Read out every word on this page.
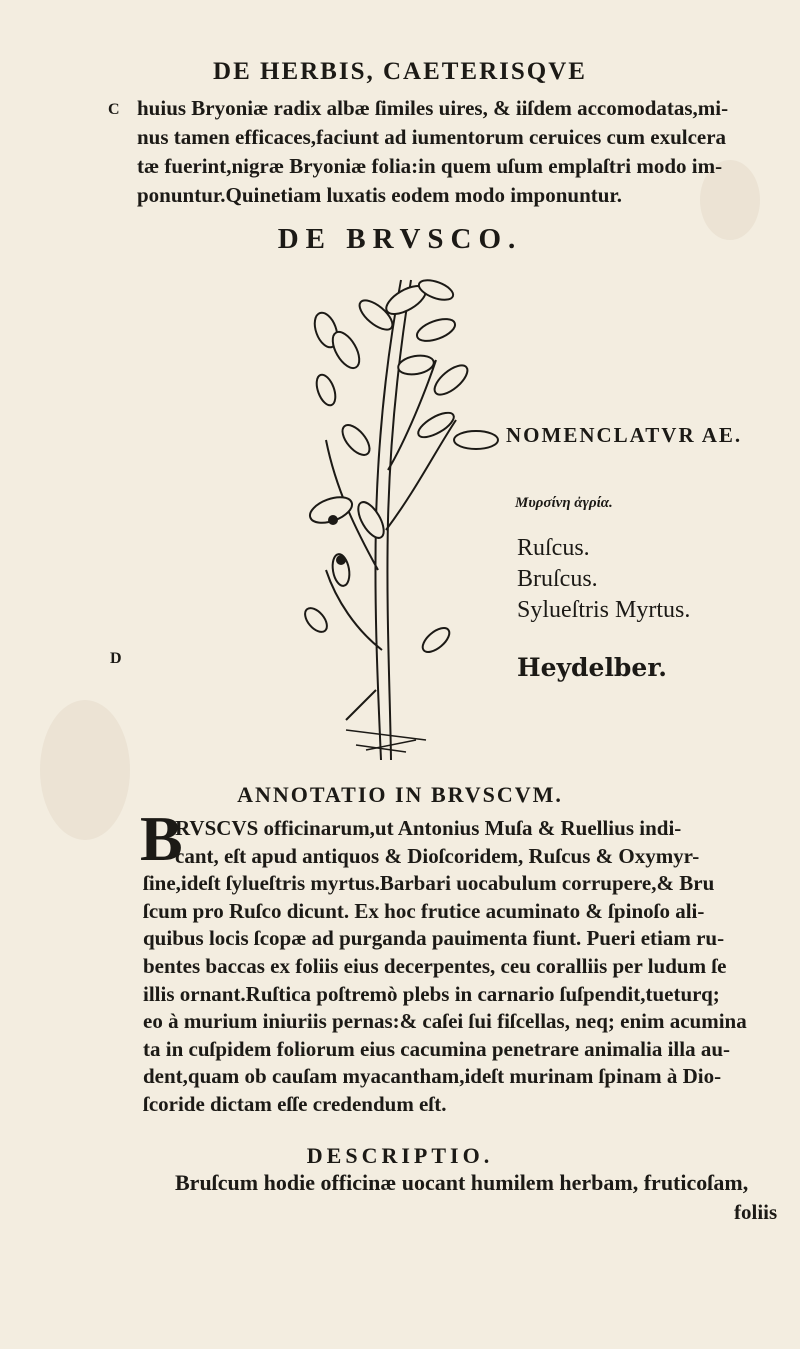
DE HERBIS, CAETERISQVE
C
D
huius Bryoniæ radix albæ ſimiles uires, & iiſdem accomodatas,mi-
nus tamen efficaces,faciunt ad iumentorum ceruices cum exulcera
tæ fuerint,nigræ Bryoniæ folia:in quem uſum emplaſtri modo im-
ponuntur.Quinetiam luxatis eodem modo imponuntur.
DE BRVSCO.
NOMENCLATVR AE.
Μυρσίνη ἀγρία.
Ruſcus.
Bruſcus.
Sylueſtris Myrtus.
Heydelber.
ANNOTATIO IN BRVSCVM.
B
RVSCVS officinarum,ut Antonius Muſa & Ruellius indi-
cant, eſt apud antiquos & Dioſcoridem, Ruſcus & Oxymyr-
ſine,ideſt ſylueſtris myrtus.Barbari uocabulum corrupere,& Bru
ſcum pro Ruſco dicunt. Ex hoc frutice acuminato & ſpinoſo ali-
quibus locis ſcopæ ad purganda pauimenta fiunt. Pueri etiam ru-
bentes baccas ex foliis eius decerpentes, ceu coralliis per ludum ſe
illis ornant.Ruſtica poſtremò plebs in carnario ſuſpendit,tueturq;
eo à murium iniuriis pernas:& caſei ſui fiſcellas, neq; enim acumina
ta in cuſpidem foliorum eius cacumina penetrare animalia illa au-
dent,quam ob cauſam myacantham,ideſt murinam ſpinam à Dio-
ſcoride dictam eſſe credendum eſt.
DESCRIPTIO.
Bruſcum hodie officinæ uocant humilem herbam, fruticoſam,
foliis
